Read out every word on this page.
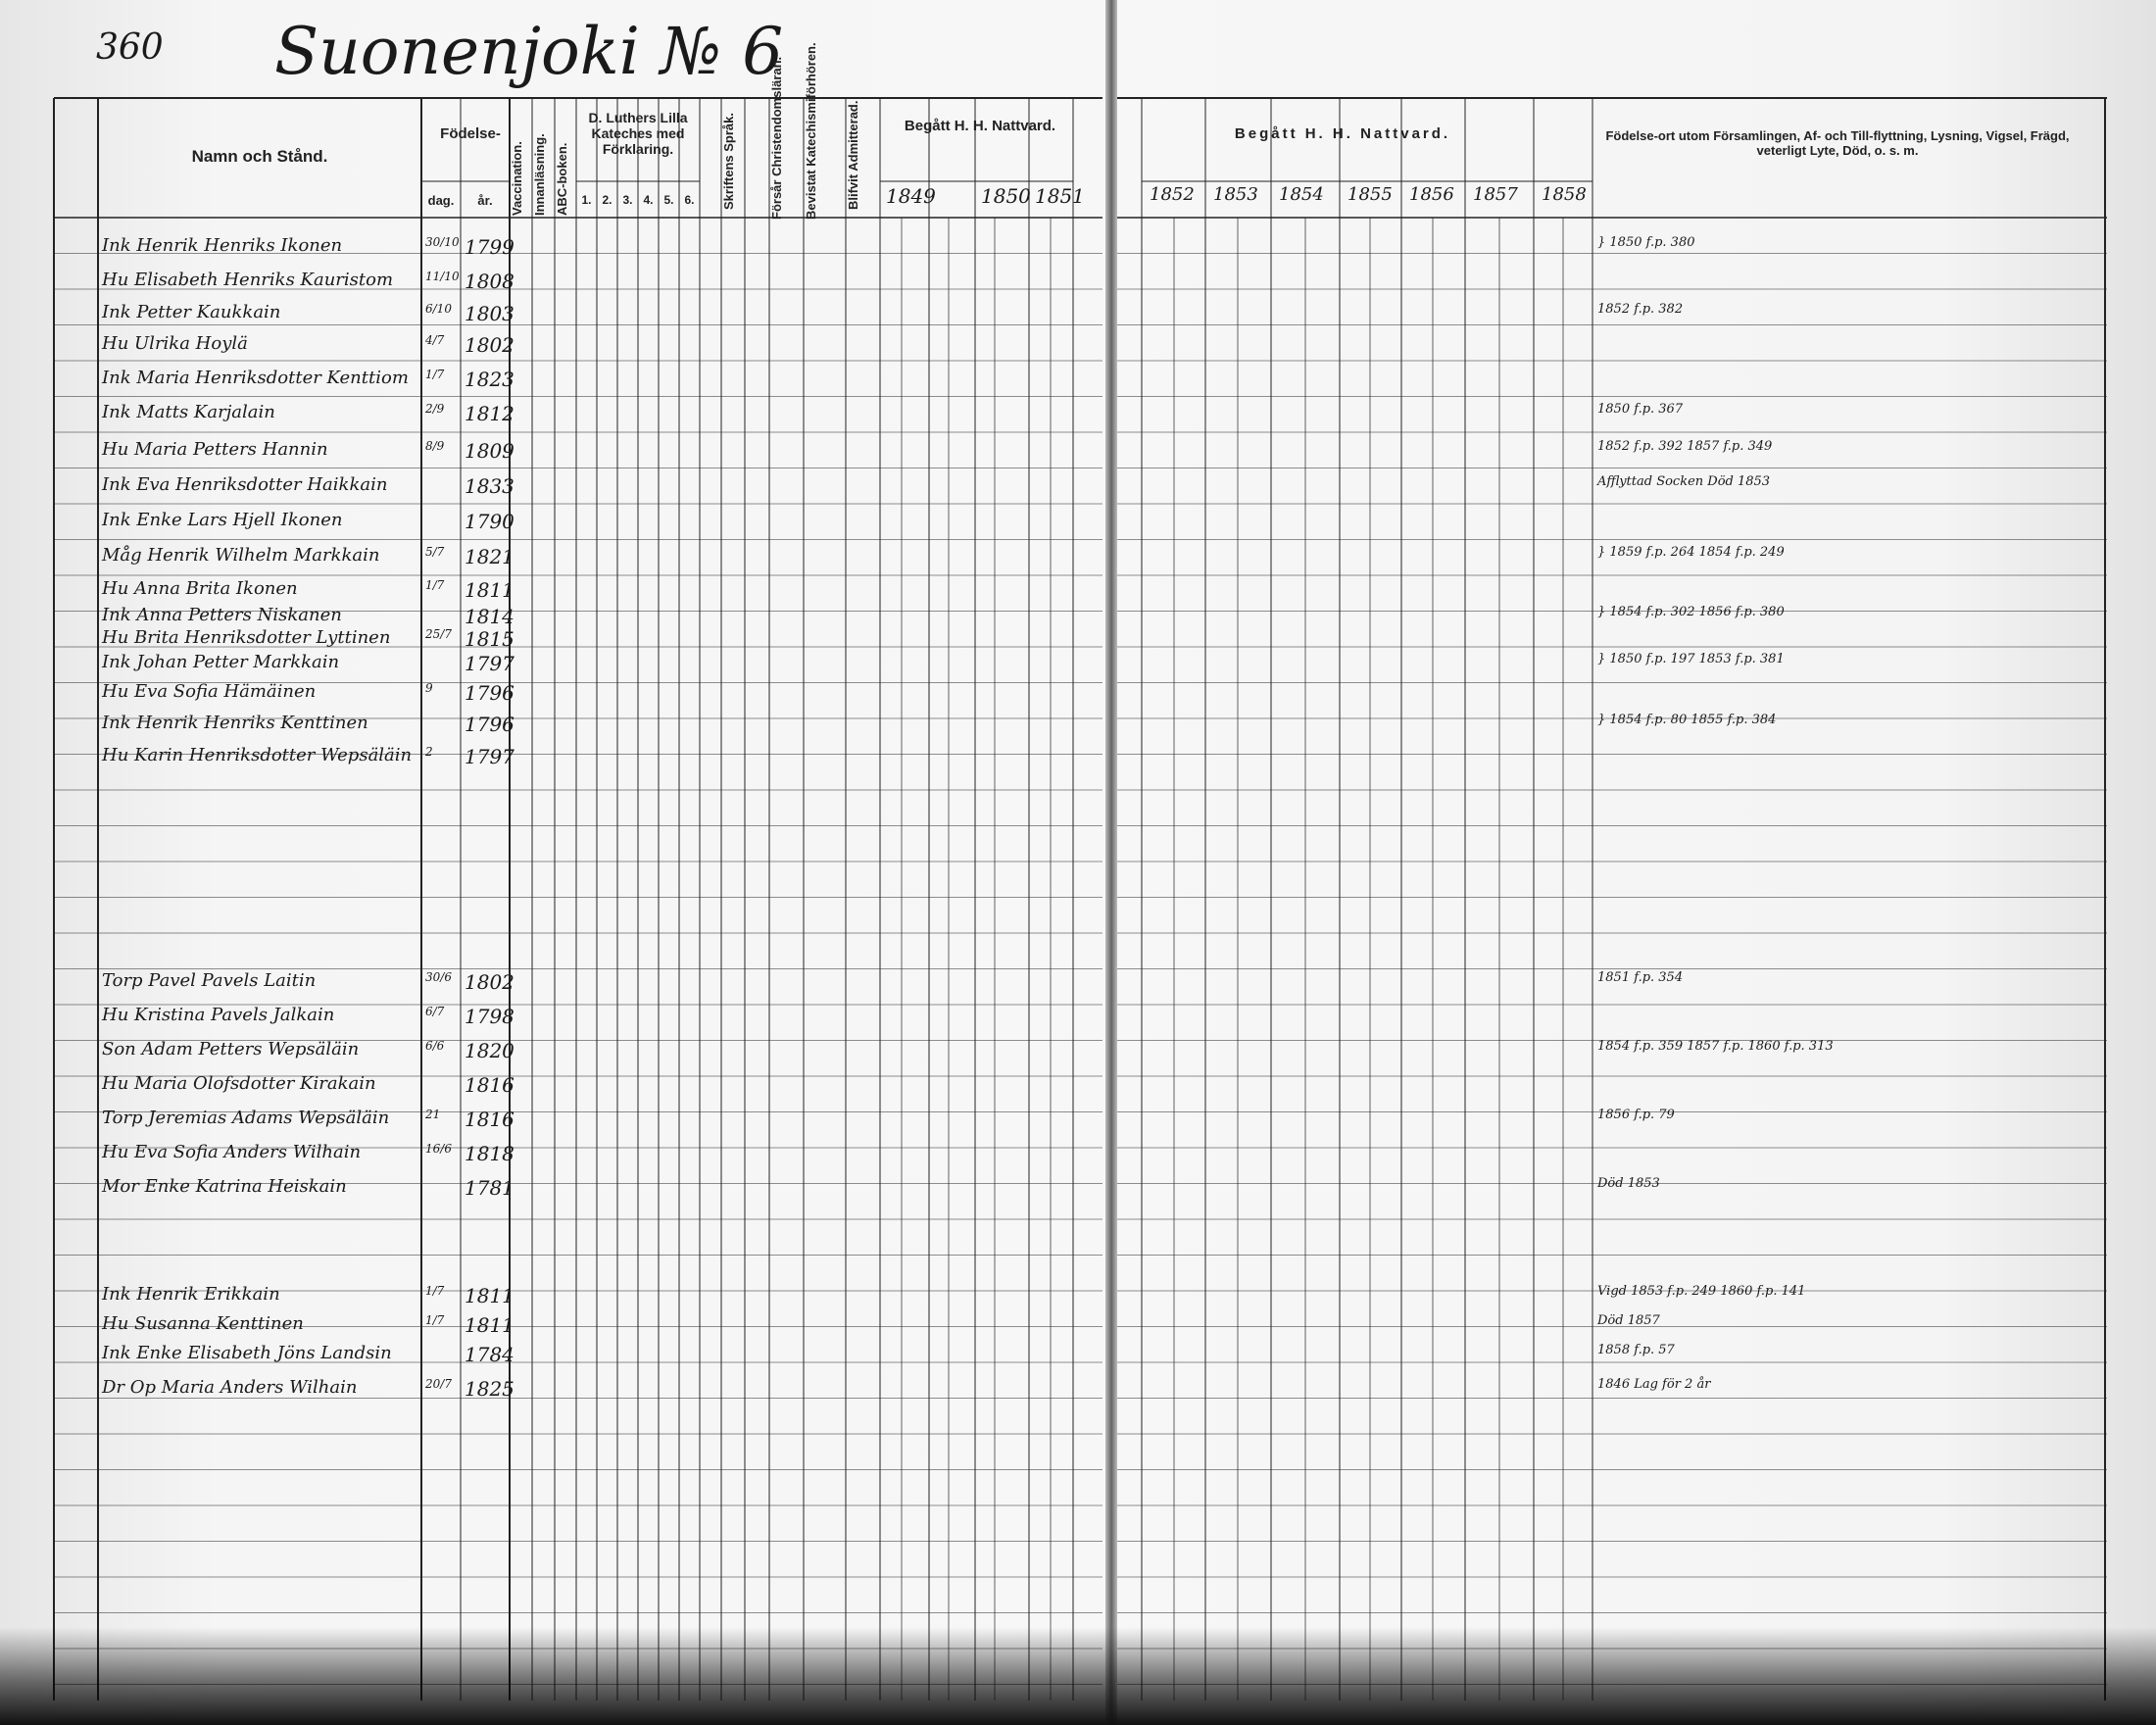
360 Suonenjoki № 6
Namn och Stånd.
Födelse-
dag.	år.	Vaccination. Innanläsning. ABC-boken.
D. Luthers Lilla Kateches med Förklaring.
1. 2. 3. 4. 5. 6.	Skriftens Språk.	Försår Christendomsläran. Bevistat Katechismiförhören. Blifvit Admitterad.	Begått H. H. Nattvard.
1849 1850 1851
Begått H. H. Nattvard.
1852 1853 1854 1855 1856 1857 1858
Födelse-ort utom Församlingen, Af- och Till-flyttning, Lysning, Vigsel, Frägd, veterligt Lyte, Död, o. s. m.
Ink Henrik Henriks Ikonen	30/10 1799	} 1850 f.p. 380
Hu Elisabeth Henriks Kauristom	11/10 1808
Ink Petter Kaukkain	6/10 1803	1852 f.p. 382
Hu Ulrika Hoylä	4/7 1802
Ink Maria Henriksdotter Kenttiom 1/7 1823
Ink Matts Karjalain	2/9 1812	1850 f.p. 367
Hu Maria Petters Hannin	8/9 1809	1852 f.p. 392 1857 f.p. 349
Ink Eva Henriksdotter Haikkain	1833	Afflyttad Socken Död 1853
Ink Enke Lars Hjell Ikonen	1790
Måg Henrik Wilhelm Markkain	5/7 1821	} 1859 f.p. 264 1854 f.p. 249
Hu Anna Brita Ikonen	1/7 1811
Ink Anna Petters Niskanen	1814	} 1854 f.p. 302 1856 f.p. 380
Hu Brita Henriksdotter Lyttinen	25/7 1815
Ink Johan Petter Markkain	1797	} 1850 f.p. 197 1853 f.p. 381
Hu Eva Sofia Hämäinen	9 1796
Ink Henrik Henriks Kenttinen	1796	} 1854 f.p. 80 1855 f.p. 384
Hu Karin Henriksdotter Wepsäläin 2 1797
Torp Pavel Pavels Laitin	30/6 1802	1851 f.p. 354
Hu Kristina Pavels Jalkain	6/7 1798
Son Adam Petters Wepsäläin	6/6 1820	1854 f.p. 359 1857 f.p. 1860 f.p. 313
Hu Maria Olofsdotter Kirakain	1816
Torp Jeremias Adams Wepsäläin	21 1816	1856 f.p. 79
Hu Eva Sofia Anders Wilhain	16/6 1818
Mor Enke Katrina Heiskain	1781	Död 1853
Ink Henrik Erikkain	1/7 1811	Vigd 1853 f.p. 249 1860 f.p. 141
Hu Susanna Kenttinen	1/7 1811	Död 1857
Ink Enke Elisabeth Jöns Landsin	1784	1858 f.p. 57
Dr Op Maria Anders Wilhain	20/7 1825	1846 Lag för 2 år
